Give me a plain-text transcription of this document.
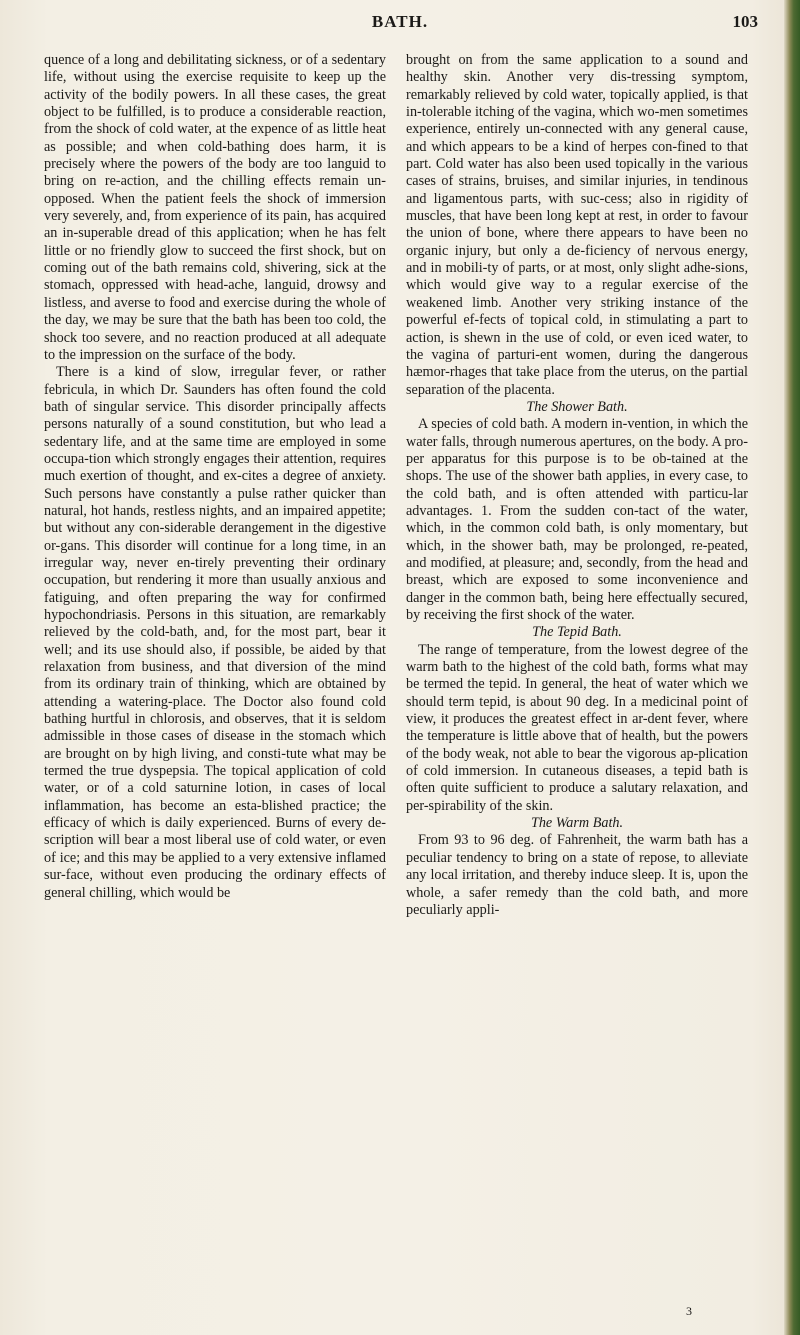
BATH.	103

quence of a long and debilitating sickness, or of a sedentary life, without using the exercise requisite to keep up the activity of the bodily powers. In all these cases, the great object to be fulfilled, is to produce a considerable reaction, from the shock of cold water, at the expence of as little heat as possible; and when cold-bathing does harm, it is precisely where the powers of the body are too languid to bring on re-action, and the chilling effects remain un-opposed. When the patient feels the shock of immersion very severely, and, from experience of its pain, has acquired an in-superable dread of this application; when he has felt little or no friendly glow to succeed the first shock, but on coming out of the bath remains cold, shivering, sick at the stomach, oppressed with head-ache, languid, drowsy and listless, and averse to food and exercise during the whole of the day, we may be sure that the bath has been too cold, the shock too severe, and no reaction produced at all adequate to the impression on the surface of the body.

There is a kind of slow, irregular fever, or rather febricula, in which Dr. Saunders has often found the cold bath of singular service. This disorder principally affects persons naturally of a sound constitution, but who lead a sedentary life, and at the same time are employed in some occupa-tion which strongly engages their attention, requires much exertion of thought, and ex-cites a degree of anxiety. Such persons have constantly a pulse rather quicker than natural, hot hands, restless nights, and an impaired appetite; but without any con-siderable derangement in the digestive or-gans. This disorder will continue for a long time, in an irregular way, never en-tirely preventing their ordinary occupation, but rendering it more than usually anxious and fatiguing, and often preparing the way for confirmed hypochondriasis. Persons in this situation, are remarkably relieved by the cold-bath, and, for the most part, bear it well; and its use should also, if possible, be aided by that relaxation from business, and that diversion of the mind from its ordinary train of thinking, which are obtained by attending a watering-place. The Doctor also found cold bathing hurtful in chlorosis, and observes, that it is seldom admissible in those cases of disease in the stomach which are brought on by high living, and consti-tute what may be termed the true dyspepsia. The topical application of cold water, or of a cold saturnine lotion, in cases of local inflammation, has become an esta-blished practice; the efficacy of which is daily experienced. Burns of every de-scription will bear a most liberal use of cold water, or even of ice; and this may be applied to a very extensive inflamed sur-face, without even producing the ordinary effects of general chilling, which would be

brought on from the same application to a sound and healthy skin. Another very dis-tressing symptom, remarkably relieved by cold water, topically applied, is that in-tolerable itching of the vagina, which wo-men sometimes experience, entirely un-connected with any general cause, and which appears to be a kind of herpes con-fined to that part. Cold water has also been used topically in the various cases of strains, bruises, and similar injuries, in tendinous and ligamentous parts, with suc-cess; also in rigidity of muscles, that have been long kept at rest, in order to favour the union of bone, where there appears to have been no organic injury, but only a de-ficiency of nervous energy, and in mobili-ty of parts, or at most, only slight adhe-sions, which would give way to a regular exercise of the weakened limb. Another very striking instance of the powerful ef-fects of topical cold, in stimulating a part to action, is shewn in the use of cold, or even iced water, to the vagina of parturi-ent women, during the dangerous hæmor-rhages that take place from the uterus, on the partial separation of the placenta.

The Shower Bath.

A species of cold bath. A modern in-vention, in which the water falls, through numerous apertures, on the body. A pro-per apparatus for this purpose is to be ob-tained at the shops. The use of the shower bath applies, in every case, to the cold bath, and is often attended with particu-lar advantages. 1. From the sudden con-tact of the water, which, in the common cold bath, is only momentary, but which, in the shower bath, may be prolonged, re-peated, and modified, at pleasure; and, secondly, from the head and breast, which are exposed to some inconvenience and danger in the common bath, being here effectually secured, by receiving the first shock of the water.

The Tepid Bath.

The range of temperature, from the lowest degree of the warm bath to the highest of the cold bath, forms what may be termed the tepid. In general, the heat of water which we should term tepid, is about 90 deg. In a medicinal point of view, it produces the greatest effect in ar-dent fever, where the temperature is little above that of health, but the powers of the body weak, not able to bear the vigorous ap-plication of cold immersion. In cutaneous diseases, a tepid bath is often quite sufficient to produce a salutary relaxation, and per-spirability of the skin.

The Warm Bath.

From 93 to 96 deg. of Fahrenheit, the warm bath has a peculiar tendency to bring on a state of repose, to alleviate any local irritation, and thereby induce sleep. It is, upon the whole, a safer remedy than the cold bath, and more peculiarly appli-

3
